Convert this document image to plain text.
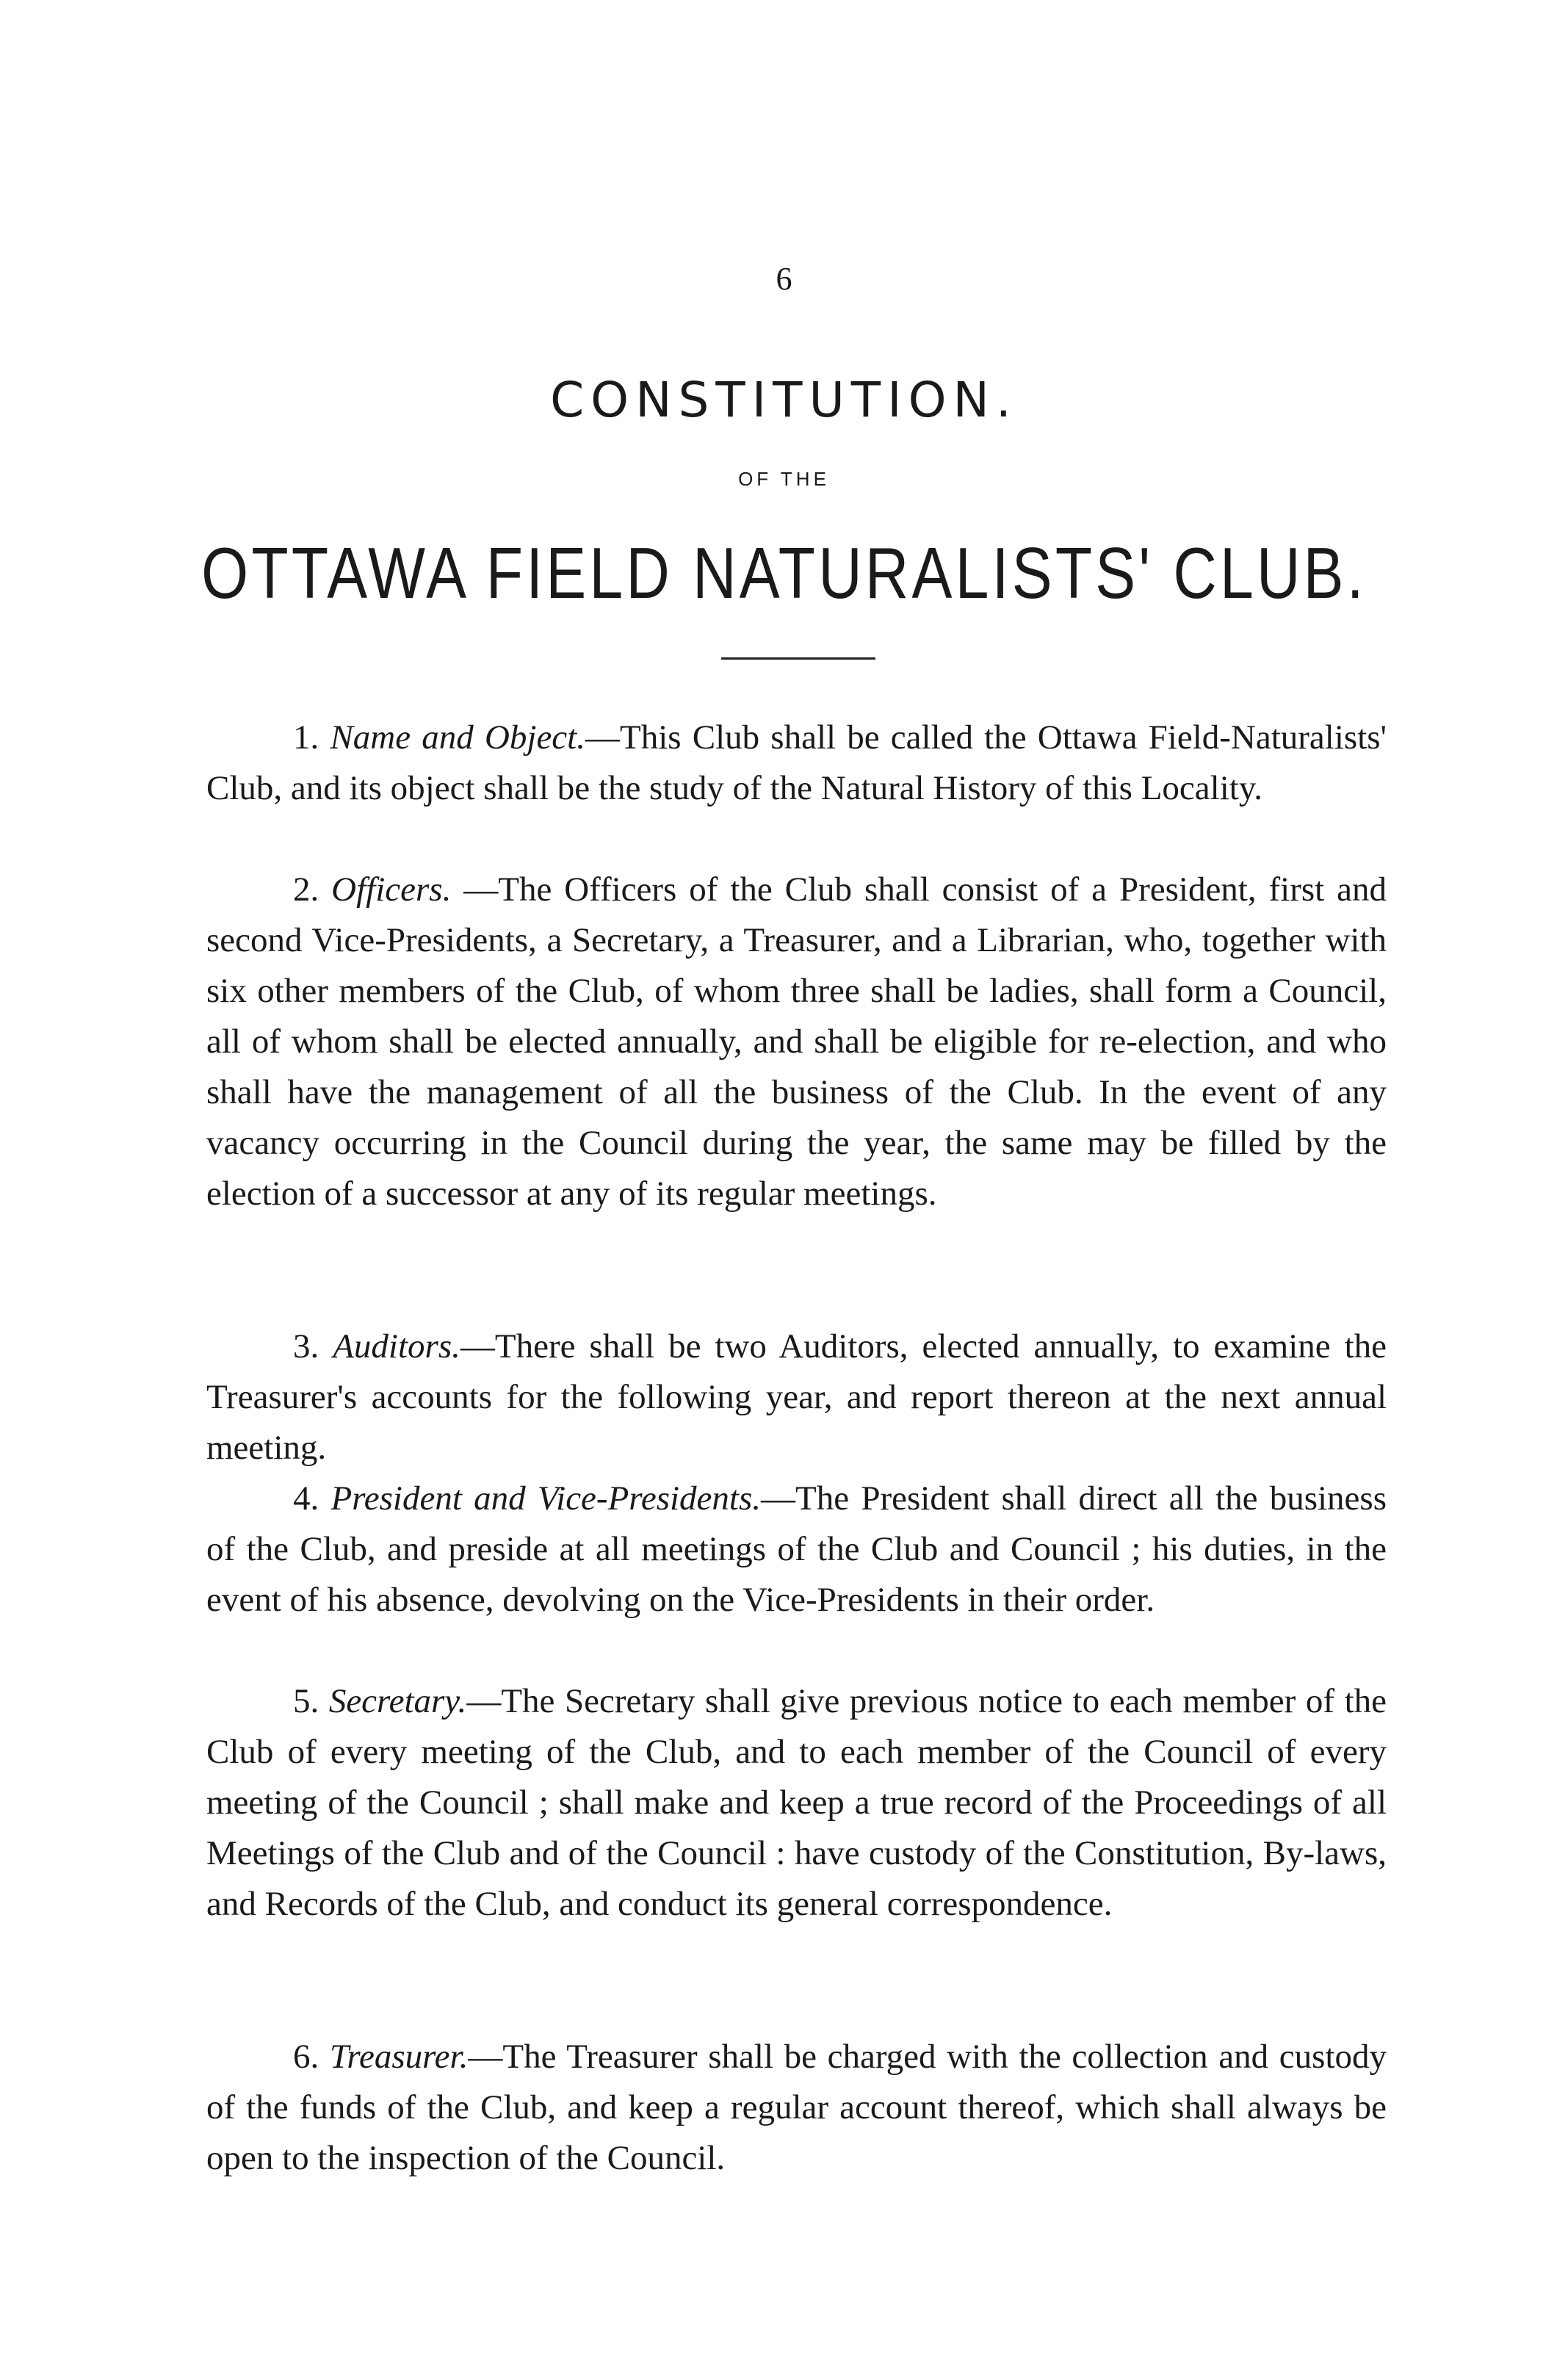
6
CONSTITUTION.
OF THE
OTTAWA FIELD NATURALISTS' CLUB.

1. Name and Object.—This Club shall be called the Ottawa Field-Naturalists' Club, and its object shall be the study of the Natural History of this Locality.

2. Officers. —The Officers of the Club shall consist of a President, first and second Vice-Presidents, a Secretary, a Treasurer, and a Librarian, who, together with six other members of the Club, of whom three shall be ladies, shall form a Council, all of whom shall be elected annually, and shall be eligible for re-election, and who shall have the management of all the business of the Club. In the event of any vacancy occurring in the Council during the year, the same may be filled by the election of a successor at any of its regular meetings.

3. Auditors.—There shall be two Auditors, elected annually, to examine the Treasurer's accounts for the following year, and report thereon at the next annual meeting.

4. President and Vice-Presidents.—The President shall direct all the business of the Club, and preside at all meetings of the Club and Council ; his duties, in the event of his absence, devolving on the Vice-Presidents in their order.

5. Secretary.—The Secretary shall give previous notice to each member of the Club of every meeting of the Club, and to each member of the Council of every meeting of the Council ; shall make and keep a true record of the Proceedings of all Meetings of the Club and of the Council : have custody of the Constitution, By-laws, and Records of the Club, and conduct its general correspondence.

6. Treasurer.—The Treasurer shall be charged with the collection and custody of the funds of the Club, and keep a regular account thereof, which shall always be open to the inspection of the Council.
